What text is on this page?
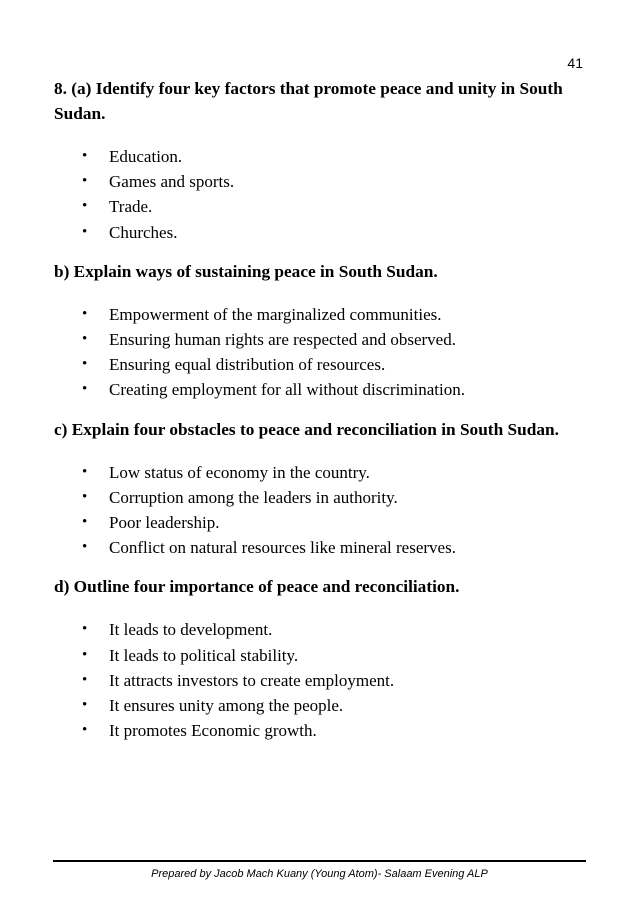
41

8. (a) Identify four key factors that promote peace and unity in South Sudan.

• Education.
• Games and sports.
• Trade.
• Churches.

b) Explain ways of sustaining peace in South Sudan.

• Empowerment of the marginalized communities.
• Ensuring human rights are respected and observed.
• Ensuring equal distribution of resources.
• Creating employment for all without discrimination.

c) Explain four obstacles to peace and reconciliation in South Sudan.

• Low status of economy in the country.
• Corruption among the leaders in authority.
• Poor leadership.
• Conflict on natural resources like mineral reserves.

d) Outline four importance of peace and reconciliation.

• It leads to development.
• It leads to political stability.
• It attracts investors to create employment.
• It ensures unity among the people.
• It promotes Economic growth.
Prepared by Jacob Mach Kuany (Young Atom)- Salaam Evening ALP
